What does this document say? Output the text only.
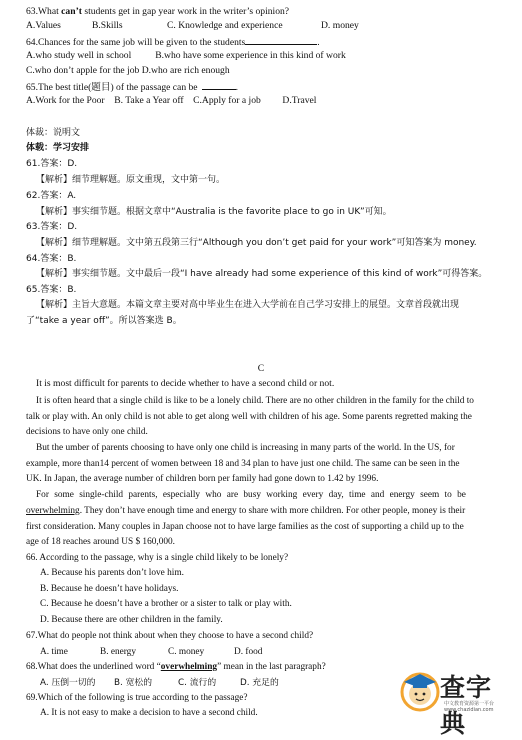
63.What can’t students get in gap year work in the writer’s opinion?
A.Values	B.Skills	C. Knowledge and experience	D. money
64.Chances for the same job will be given to the students	.
A.who study well in school          B.who have some experience in this kind of work
C.who don’t apple for the job D.who are rich enough
65.The best title(题目) of the passage can be	.
A.Work for the Poor    B. Take a Year off    C.Apply for a job         D.Travel
体裁：说明文
体载：学习安排
61.答案：D.
【解析】细节理解题。原文重现，文中第一句。
62.答案：A.
【解析】事实细节题。根据文章中“Australia is the favorite place to go in UK”可知。
63.答案：D.
【解析】细节理解题。文中第五段第三行“Although you don’t get paid for your work”可知答案为 money.
64.答案：B.
【解析】事实细节题。文中最后一段“I have already had some experience of this kind of work”可得答案。
65.答案：B.
【解析】主旨大意题。本篇文章主要对高中毕业生在进入大学前在自己学习安排上的展望。文章首段就出现
了“take a year off”。所以答案选 B。
C
It is most difficult for parents to decide whether to have a second child or not.
It is often heard that a single child is like to be a lonely child. There are no other children in the family for the child to
talk or play with. An only child is not able to get along well with children of his age. Some parents regretted making the
decisions to have only one child.
But the umber of parents choosing to have only one child is increasing in many parts of the world. In the US, for
example, more than14 percent of women between 18 and 34 plan to have just one child. The same can be seen in the
UK. In Japan, the average number of children born per family had gone down to 1.42 by 1996.
For some single-child parents, especially who are busy working every day, time and energy seem to be
overwhelming. They don’t have enough time and energy to share with more children. For other people, money is their
first consideration. Many couples in Japan choose not to have large families as the cost of supporting a child up to the
age of 18 reaches around US $ 160,000.
66. According to the passage, why is a single child likely to be lonely?
A. Because his parents don’t love him.
B. Because he doesn’t have holidays.
C. Because he doesn’t have a brother or a sister to talk or play with.
D. Because there are other children in the family.
67.What do people not think about when they choose to have a second child?
A. time	B. energy	C. money	D. food
68.What does the underlined word “overwhelming” mean in the last paragraph?
A. 压倒一切的 B. 宽松的	C. 流行的	D. 充足的
69.Which of the following is true according to the passage?
A. It is not easy to make a decision to have a second child.
查字典
中文教育资源第一平台 www.chazidian.com
